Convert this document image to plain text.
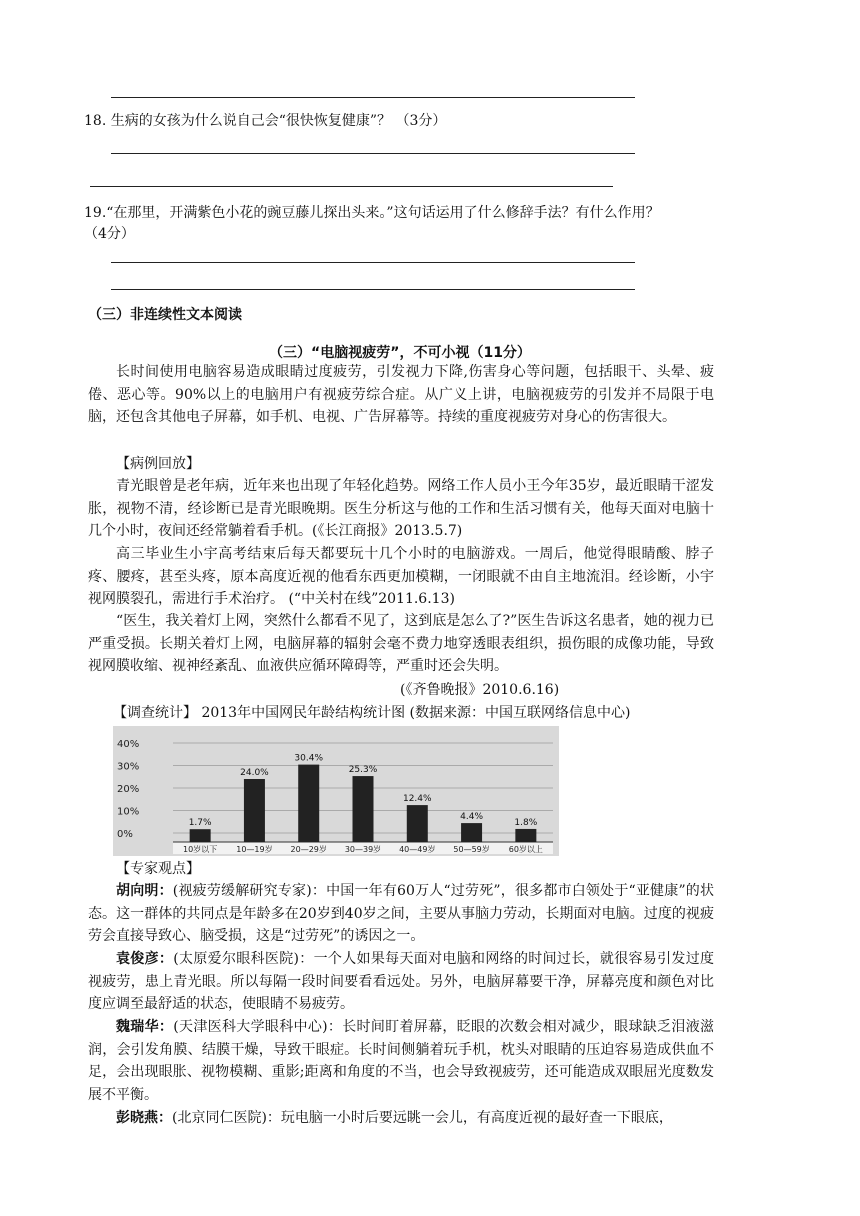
18. 生病的女孩为什么说自己会“很快恢复健康”？ （3分）
19.“在那里，开满紫色小花的豌豆藤儿探出头来。”这句话运用了什么修辞手法？有什么作用？
（4分）
（三）非连续性文本阅读
（三）“电脑视疲劳”，不可小视（11分）
长时间使用电脑容易造成眼睛过度疲劳，引发视力下降,伤害身心等问题，包括眼干、头晕、疲倦、恶心等。90%以上的电脑用户有视疲劳综合症。从广义上讲，电脑视疲劳的引发并不局限于电脑，还包含其他电子屏幕，如手机、电视、广告屏幕等。持续的重度视疲劳对身心的伤害很大。
【病例回放】
青光眼曾是老年病，近年来也出现了年轻化趋势。网络工作人员小王今年35岁，最近眼睛干涩发胀，视物不清，经诊断已是青光眼晚期。医生分析这与他的工作和生活习惯有关，他每天面对电脑十几个小时，夜间还经常躺着看手机。(《长江商报》2013.5.7)
高三毕业生小宇高考结束后每天都要玩十几个小时的电脑游戏。一周后，他觉得眼睛酸、脖子疼、腰疼，甚至头疼，原本高度近视的他看东西更加模糊，一闭眼就不由自主地流泪。经诊断，小宇视网膜裂孔，需进行手术治疗。 (“中关村在线”2011.6.13)
“医生，我关着灯上网，突然什么都看不见了，这到底是怎么了?”医生告诉这名患者，她的视力已严重受损。长期关着灯上网，电脑屏幕的辐射会毫不费力地穿透眼表组织，损伤眼的成像功能，导致视网膜收缩、视神经紊乱、血液供应循环障碍等，严重时还会失明。
(《齐鲁晚报》2010.6.16)
【调查统计】 2013年中国网民年龄结构统计图 (数据来源：中国互联网络信息中心)
40%
30%
20%
10%
0%
1.7%
10岁以下
24.0%
10—19岁
30.4%
20—29岁
25.3%
30—39岁
12.4%
40—49岁
4.4%
50—59岁
1.8%
60岁以上
【专家观点】
胡向明：(视疲劳缓解研究专家)：中国一年有60万人“过劳死”，很多都市白领处于“亚健康”的状态。这一群体的共同点是年龄多在20岁到40岁之间，主要从事脑力劳动，长期面对电脑。过度的视疲劳会直接导致心、脑受损，这是“过劳死”的诱因之一。
袁俊彦：(太原爱尔眼科医院)：一个人如果每天面对电脑和网络的时间过长，就很容易引发过度视疲劳，患上青光眼。所以每隔一段时间要看看远处。另外，电脑屏幕要干净，屏幕亮度和颜色对比度应调至最舒适的状态，使眼睛不易疲劳。
魏瑞华：(天津医科大学眼科中心)：长时间盯着屏幕，眨眼的次数会相对减少，眼球缺乏泪液滋润，会引发角膜、结膜干燥，导致干眼症。长时间侧躺着玩手机，枕头对眼睛的压迫容易造成供血不足，会出现眼胀、视物模糊、重影;距离和角度的不当，也会导致视疲劳，还可能造成双眼屈光度数发展不平衡。
彭晓燕：(北京同仁医院)：玩电脑一小时后要远眺一会儿，有高度近视的最好查一下眼底，
